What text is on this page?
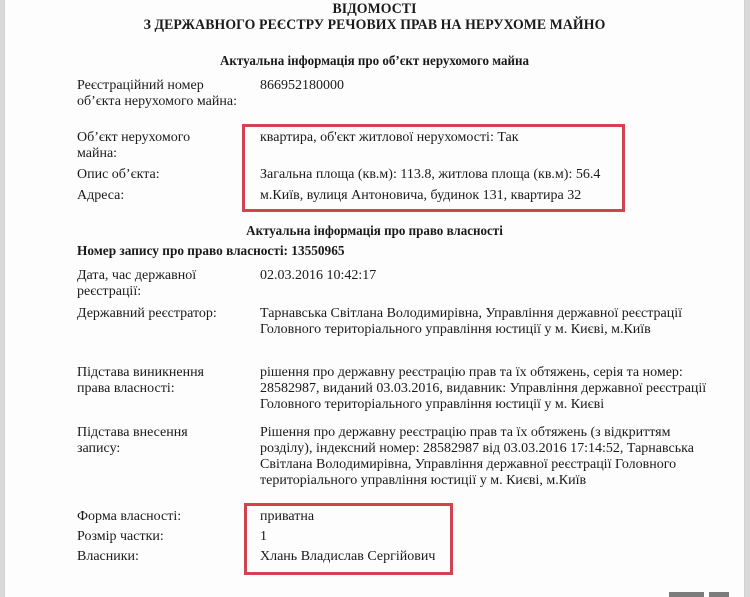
ВІДОМОСТІ
З ДЕРЖАВНОГО РЕЄСТРУ РЕЧОВИХ ПРАВ НА НЕРУХОМЕ МАЙНО
Актуальна інформація про об’єкт нерухомого майна
Реєстраційний номер об’єкта нерухомого майна:
866952180000
Об’єкт нерухомого майна:
квартира, об'єкт житлової нерухомості: Так
Опис об’єкта:	Загальна площа (кв.м): 113.8, житлова площа (кв.м): 56.4
Адреса:	м.Київ, вулиця Антоновича, будинок 131, квартира 32
Актуальна інформація про право власності
Номер запису про право власності: 13550965
Дата, час державної реєстрації:
02.03.2016 10:42:17
Державний реєстратор:	Тарнавська Світлана Володимирівна, Управління державної реєстрації Головного територіального управління юстиції у м. Києві, м.Київ
Підстава виникнення права власності:
рішення про державну реєстрацію прав та їх обтяжень, серія та номер: 28582987, виданий 03.03.2016, видавник: Управління державної реєстрації Головного територіального управління юстиції у м. Києві
Підстава внесення запису:
Рішення про державну реєстрацію прав та їх обтяжень (з відкриттям розділу), індексний номер: 28582987 від 03.03.2016 17:14:52, Тарнавська Світлана Володимирівна, Управління державної реєстрації Головного територіального управління юстиції у м. Києві, м.Київ
Форма власності:	приватна
Розмір частки:	1
Власники:	Хлань Владислав Сергійович
